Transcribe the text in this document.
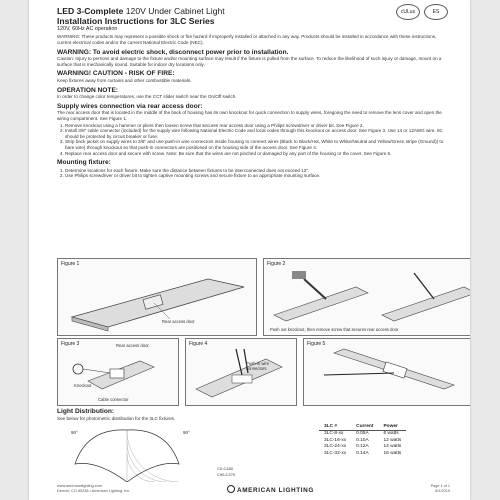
cULus	ES

LED 3-Complete 120V Under Cabinet Light

Installation Instructions for 3LC Series

120V, 60Hz AC operation

WARNING: These products may represent a possible shock or fire hazard if improperly installed or attached in any way. Products should be installed in accordance with these instructions, current electrical codes and/or the current National Electric Code (NEC).

WARNING: To avoid electric shock, disconnect power prior to installation.

Caution: Injury to persons and damage to the fixture and/or mounting surface may result if the fixture is pulled from the surface. To reduce the likelihood of such injury or damage, mount on a surface that is mechanically sound. Suitable for indoor dry locations only.

WARNING! CAUTION - RISK OF FIRE:

Keep fixtures away from curtains and other combustible materials.

OPERATION NOTE:

In order to change color temperatures, use the CCT slider switch near the On/Off switch.

Supply wires connection via rear access door:

The rear access door that is located in the middle of the back of housing has its own knockout for quick connection to supply wires, foregoing the need to remove the lens cover and open the wiring compartment. See Figure 1.

1. Remove knockout using a hammer or pliers then loosen screw that secures rear access door using a Philips screwdriver or driver bit. See Figure 2.
2. Install 3/8" cable connector (included) for the supply wire following National Electric Code and local codes through this knockout on access door. See Figure 3. Use 14 or 12AWG wire. 8C should be protected by circuit breaker or fuse.
3. Strip back jacket on supply wires to 3/8" and use push-in wire connectors inside housing to connect wires (Black to Black/Hot, White to White/Neutral and Yellow/Green stripe (Ground)) to bare wire) through knockout so that push-in connectors are positioned on the housing side of the access door. See Figure 4.
4. Replace rear access door and secure with screw. Note: Be sure that the wires are not pinched or damaged by any part of the housing or the cover. See Figure 5.

Mounting fixture:

1. Determine locations for each fixture. Make sure the distance between fixtures to be interconnected does not exceed 12".
2. Use Philips screwdriver or driver bit to tighten captive mounting screws and secure fixture to an appropriate mounting surface.
Figure 1
Rear access door
Figure 2
Push out knockout, then remove screw that secures rear access door
Figure 3	Rear access door
Knockout
Cable connector
Figure 4
Push-in wire connectors
Figure 5

Light Distribution:

See below for photometric distribution for the 3LC fixtures.

90°	90°
C0-C180
C90-C270
3LC #	Current	Power
3LC-8-xx	0.05A	6 watts
3LC-16-xx	0.10A	12 watts
3LC-24-xx	0.12A	14 watts
3LC-32-xx	0.14A	16 watts
www.americanlighting.com
Denver, CO 80238 • American Lighting, Inc.	AMERICAN LIGHTING
Page 1 of 1
8/1/2019
